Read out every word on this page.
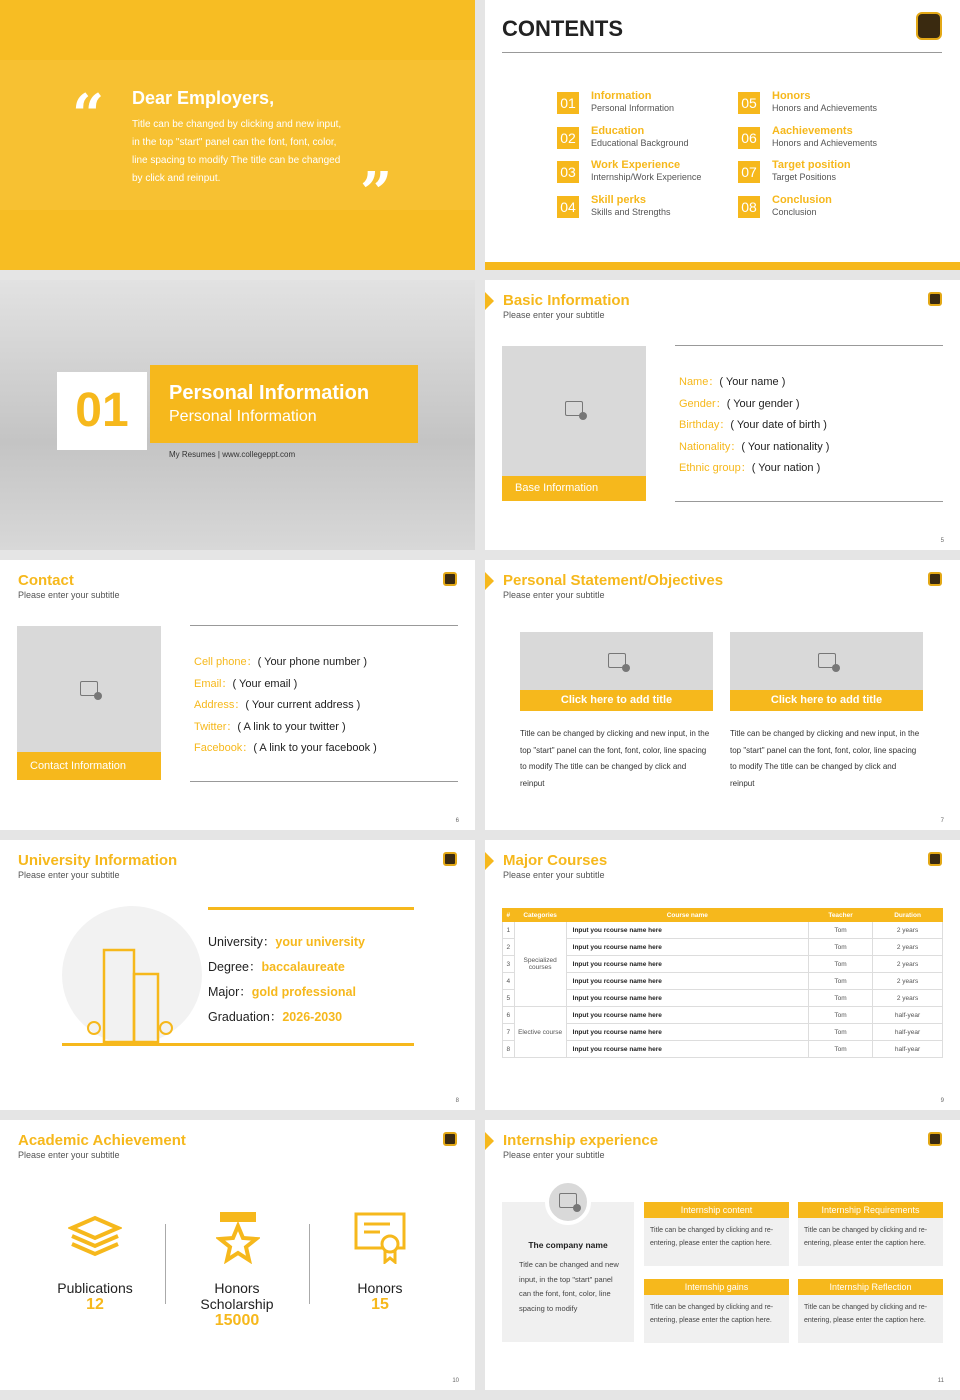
“ Dear Employers,
Title can be changed by clicking and new input, in the top "start" panel can the font, font, color, line spacing to modify The title can be changed by click and reinput.	”
CONTENTS
01 Information
Personal Information
02 Education
Educational Background
03 Work Experience
Internship/Work Experience
04 Skill perks
Skills and Strengths
05 Honors
Honors and Achievements
06 Aachievements
Honors and Achievements
07 Target position
Target Positions
08 Conclusion
Conclusion
01	Personal Information
Personal Information
My Resumes | www.collegeppt.com
Basic Information
Please enter your subtitle
Base Information
Name：( Your name )
Gender：( Your gender )
Birthday：( Your date of birth )
Nationality：( Your nationality )
Ethnic group：( Your nation )
5
Contact
Please enter your subtitle
Contact Information
Cell phone：( Your phone number )
Email：( Your email )
Address：( Your current address )
Twitter：( A link to your twitter )
Facebook：( A link to your facebook )
6
Personal Statement/Objectives
Please enter your subtitle
Click here to add title
Title can be changed by clicking and new input, in the top "start" panel can the font, font, color, line spacing to modify The title can be changed by click and reinput
Click here to add title
Title can be changed by clicking and new input, in the top "start" panel can the font, font, color, line spacing to modify The title can be changed by click and reinput
7
University Information
Please enter your subtitle
University：your university
Degree：baccalaureate
Major：gold professional
Graduation：2026-2030
8
Major Courses
Please enter your subtitle
#	Categories	Course name	Teacher	Duration
1	Specialized courses	Input you rcourse name here	Tom	2 years
2		Input you rcourse name here	Tom	2 years
3		Input you rcourse name here	Tom	2 years
4		Input you rcourse name here	Tom	2 years
5		Input you rcourse name here	Tom	2 years
6	Elective course	Input you rcourse name here	Tom	half-year
7		Input you rcourse name here	Tom	half-year
8		Input you rcourse name here	Tom	half-year
9
Academic Achievement
Please enter your subtitle
Publications
12
Honors Scholarship
15000
Honors
15
10
Internship experience
Please enter your subtitle
The company name
Title can be changed and new input, in the top "start" panel can the font, font, color, line spacing to modify
Internship content
Title can be changed by clicking and re-entering, please enter the caption here.
Internship Requirements
Title can be changed by clicking and re-entering, please enter the caption here.
Internship gains
Title can be changed by clicking and re-entering, please enter the caption here.
Internship Reflection
Title can be changed by clicking and re-entering, please enter the caption here.
11
